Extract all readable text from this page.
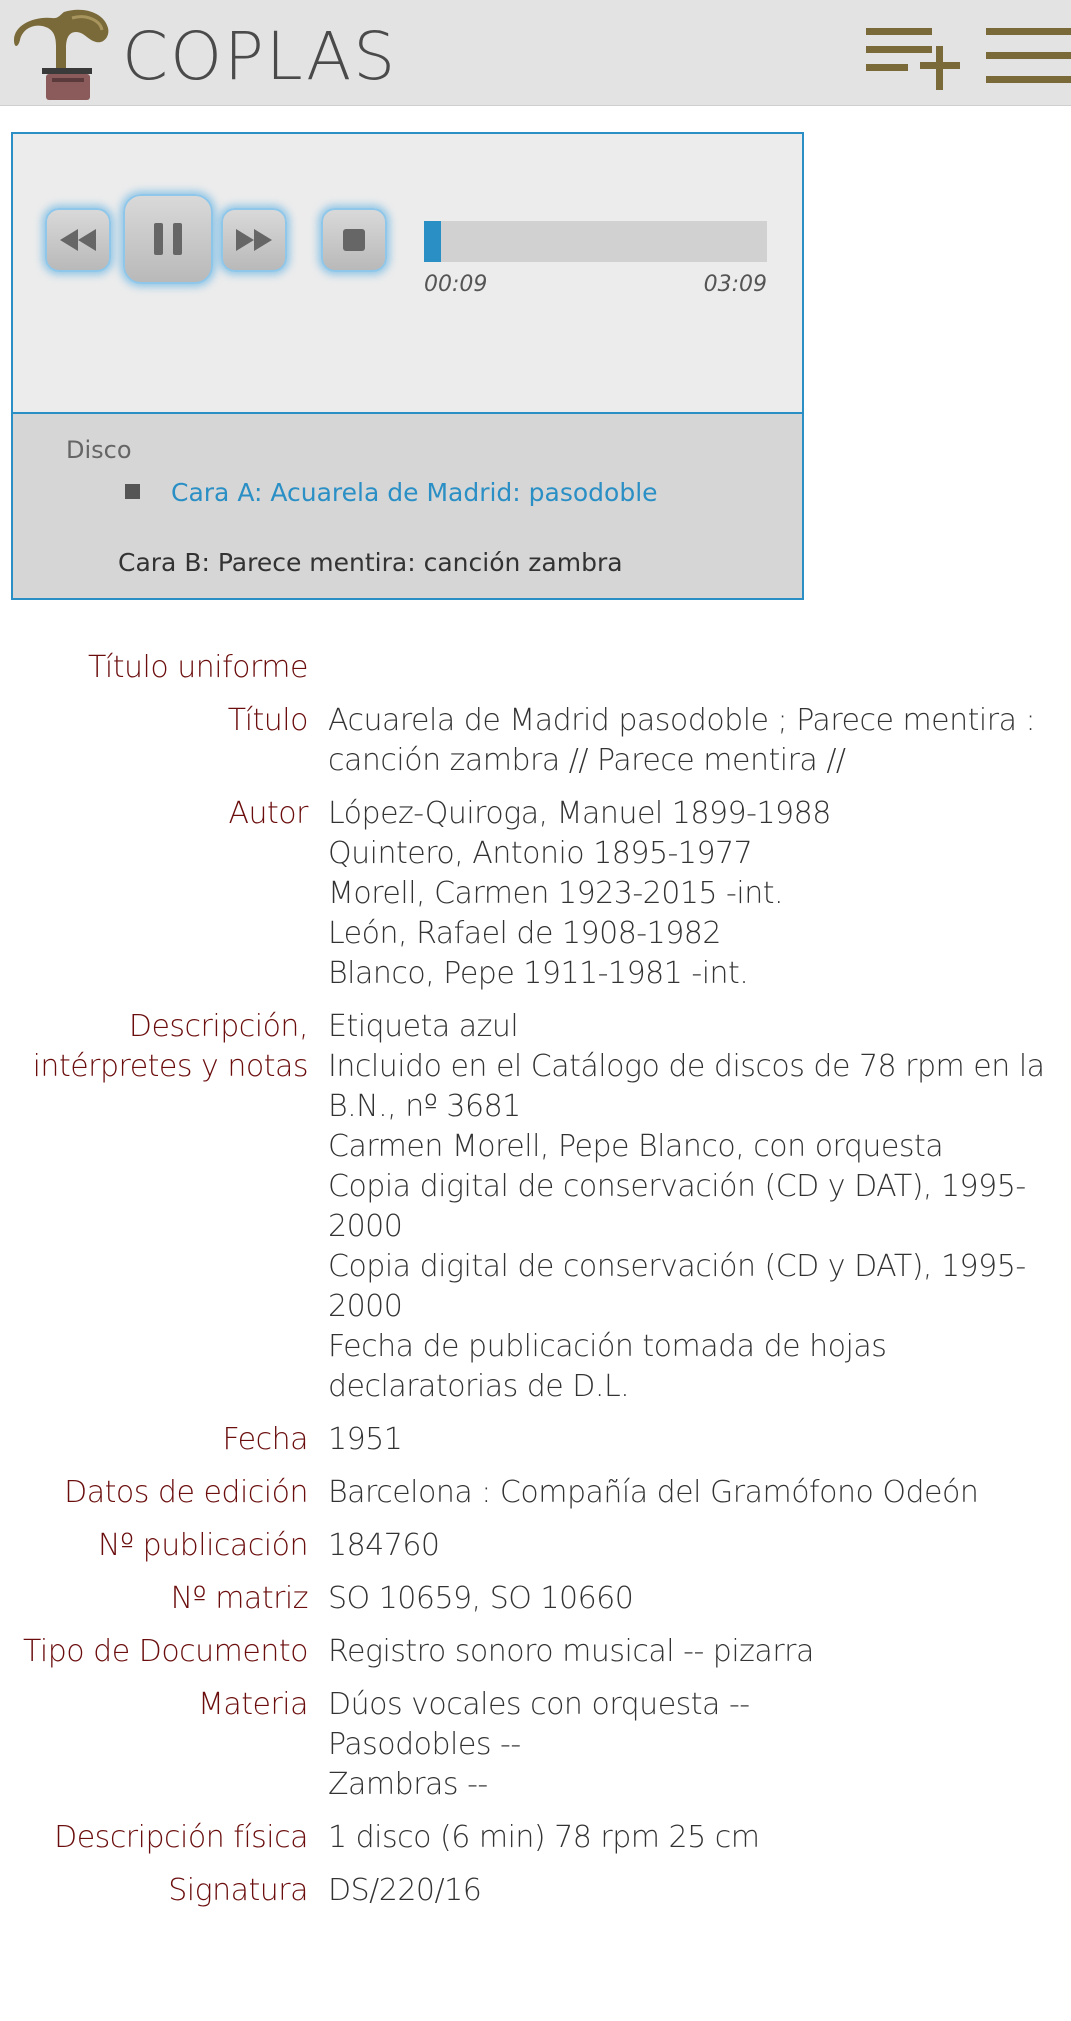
COPLAS
00:09	03:09
Disco
Cara A: Acuarela de Madrid: pasodoble
Cara B: Parece mentira: canción zambra
Título uniforme
Título Acuarela de Madrid pasodoble ; Parece mentira : canción zambra // Parece mentira //
Autor López-Quiroga, Manuel 1899-1988
Quintero, Antonio 1895-1977
Morell, Carmen 1923-2015 -int.
León, Rafael de 1908-1982
Blanco, Pepe 1911-1981 -int.
Descripción, intérpretes y notas
Etiqueta azul
Incluido en el Catálogo de discos de 78 rpm en la B.N., nº 3681
Carmen Morell, Pepe Blanco, con orquesta
Copia digital de conservación (CD y DAT), 1995-2000
Copia digital de conservación (CD y DAT), 1995-2000
Fecha de publicación tomada de hojas declaratorias de D.L.
Fecha 1951
Datos de edición Barcelona : Compañía del Gramófono Odeón
Nº publicación 184760
Nº matriz SO 10659, SO 10660
Tipo de Documento Registro sonoro musical -- pizarra
Materia Dúos vocales con orquesta --
Pasodobles --
Zambras --
Descripción física 1 disco (6 min) 78 rpm 25 cm
Signatura DS/220/16
